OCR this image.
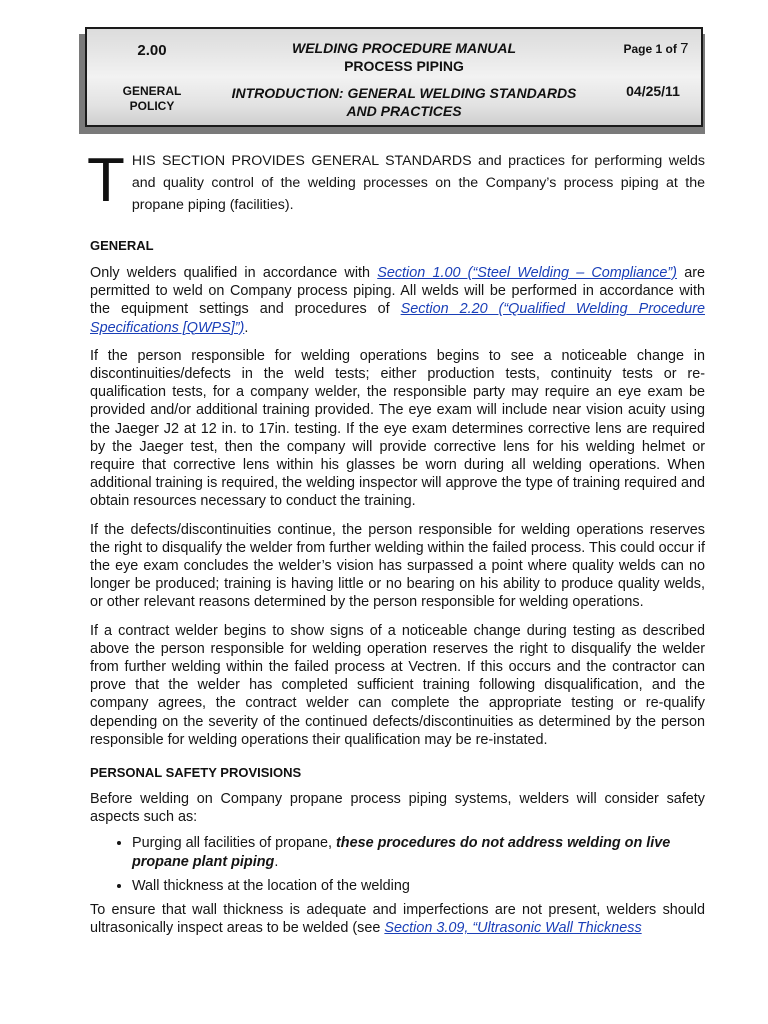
2.00	WELDING PROCEDURE MANUAL
PROCESS PIPING
Page 1 of 7
GENERAL
POLICY
INTRODUCTION: GENERAL WELDING STANDARDS
AND PRACTICES
04/25/11

THIS SECTION PROVIDES GENERAL STANDARDS and practices for performing welds and quality control of the welding processes on the Company’s process piping at the propane piping (facilities).

GENERAL

Only welders qualified in accordance with Section 1.00 (“Steel Welding – Compliance”) are permitted to weld on Company process piping. All welds will be performed in accordance with the equipment settings and procedures of Section 2.20 (“Qualified Welding Procedure Specifications [QWPS]”).

If the person responsible for welding operations begins to see a noticeable change in discontinuities/defects in the weld tests; either production tests, continuity tests or re-qualification tests, for a company welder, the responsible party may require an eye exam be provided and/or additional training provided. The eye exam will include near vision acuity using the Jaeger J2 at 12 in. to 17in. testing. If the eye exam determines corrective lens are required by the Jaeger test, then the company will provide corrective lens for his welding helmet or require that corrective lens within his glasses be worn during all welding operations. When additional training is required, the welding inspector will approve the type of training required and obtain resources necessary to conduct the training.

If the defects/discontinuities continue, the person responsible for welding operations reserves the right to disqualify the welder from further welding within the failed process. This could occur if the eye exam concludes the welder’s vision has surpassed a point where quality welds can no longer be produced; training is having little or no bearing on his ability to produce quality welds, or other relevant reasons determined by the person responsible for welding operations.

If a contract welder begins to show signs of a noticeable change during testing as described above the person responsible for welding operation reserves the right to disqualify the welder from further welding within the failed process at Vectren. If this occurs and the contractor can prove that the welder has completed sufficient training following disqualification, and the company agrees, the contract welder can complete the appropriate testing or re-qualify depending on the severity of the continued defects/discontinuities as determined by the person responsible for welding operations their qualification may be re-instated.

PERSONAL SAFETY PROVISIONS

Before welding on Company propane process piping systems, welders will consider safety aspects such as:

• Purging all facilities of propane, these procedures do not address welding on live propane plant piping.
• Wall thickness at the location of the welding

To ensure that wall thickness is adequate and imperfections are not present, welders should ultrasonically inspect areas to be welded (see Section 3.09, “Ultrasonic Wall Thickness
